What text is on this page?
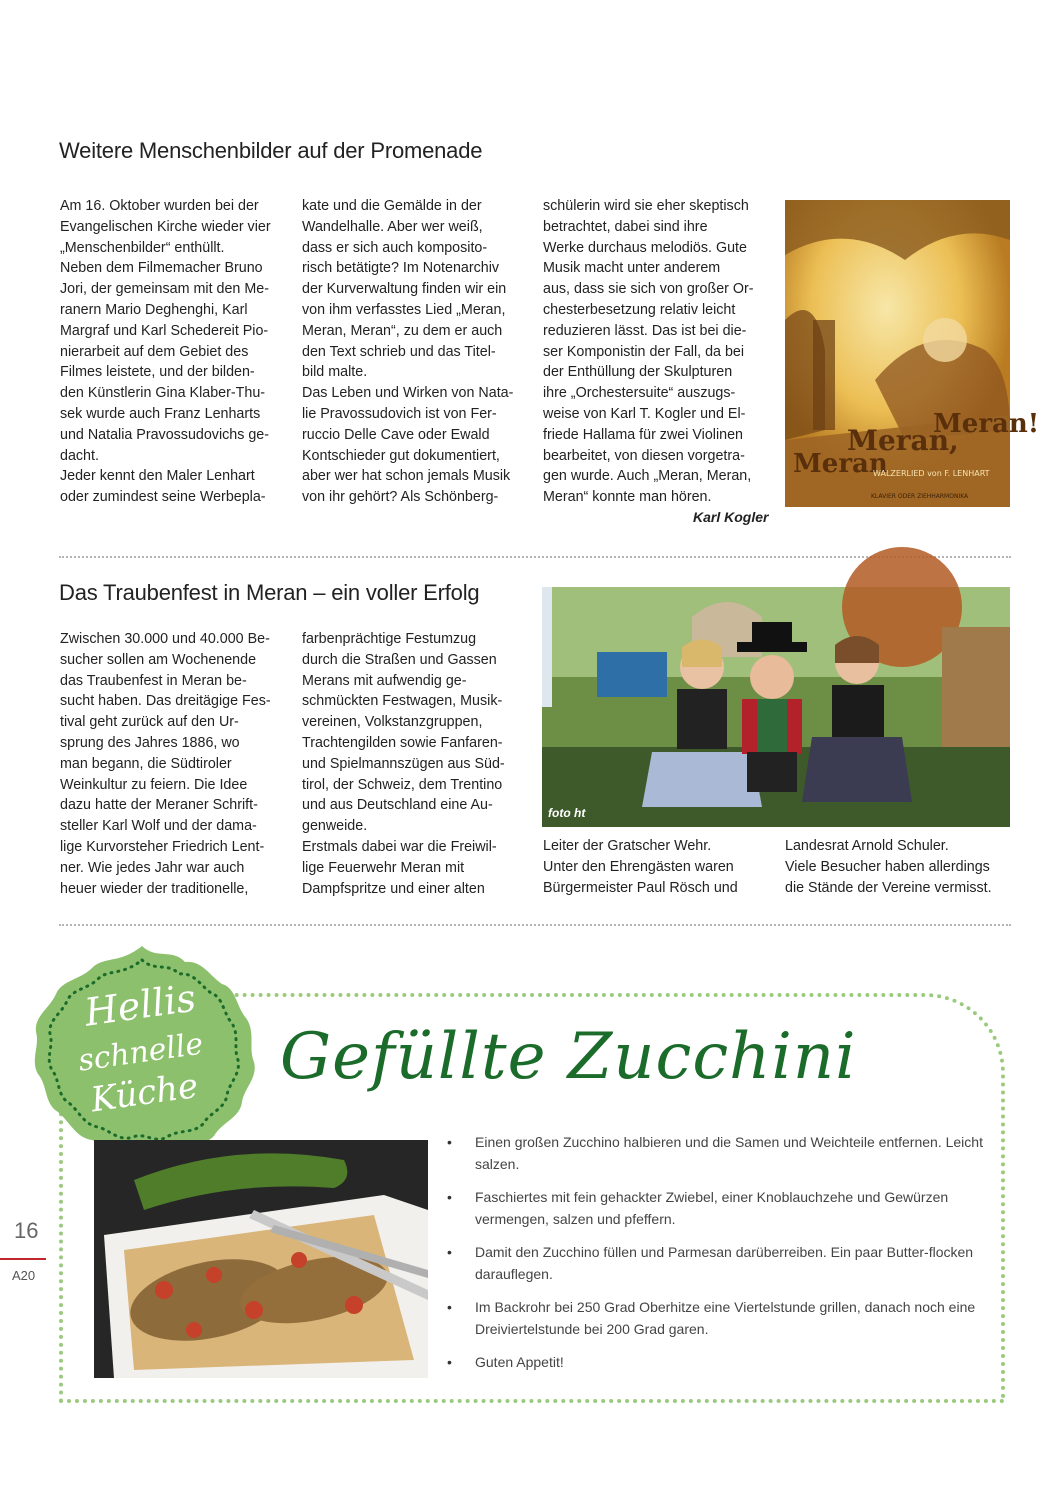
Weitere Menschenbilder auf der Promenade
Am 16. Oktober wurden bei der
Evangelischen Kirche wieder vier
„Menschenbilder“ enthüllt.
Neben dem Filmemacher Bruno
Jori, der gemeinsam mit den Me-
ranern Mario Deghenghi, Karl
Margraf und Karl Schedereit Pio-
nierarbeit auf dem Gebiet des
Filmes leistete, und der bilden-
den Künstlerin Gina Klaber-Thu-
sek wurde auch Franz Lenharts
und Natalia Pravossudovichs ge-
dacht.
Jeder kennt den Maler Lenhart
oder zumindest seine Werbepla-
kate und die Gemälde in der
Wandelhalle. Aber wer weiß,
dass er sich auch komposito-
risch betätigte? Im Notenarchiv
der Kurverwaltung finden wir ein
von ihm verfasstes Lied „Meran,
Meran, Meran“, zu dem er auch
den Text schrieb und das Titel-
bild malte.
Das Leben und Wirken von Nata-
lie Pravossudovich ist von Fer-
ruccio Delle Cave oder Ewald
Kontschieder gut dokumentiert,
aber wer hat schon jemals Musik
von ihr gehört? Als Schönberg-
schülerin wird sie eher skeptisch
betrachtet, dabei sind ihre
Werke durchaus melodiös. Gute
Musik macht unter anderem
aus, dass sie sich von großer Or-
chesterbesetzung relativ leicht
reduzieren lässt. Das ist bei die-
ser Komponistin der Fall, da bei
der Enthüllung der Skulpturen
ihre „Orchestersuite“ auszugs-
weise von Karl T. Kogler und El-
friede Hallama für zwei Violinen
bearbeitet, von diesen vorgetra-
gen wurde. Auch „Meran, Meran,
Meran“ konnte man hören.
Karl Kogler
Meran
Meran,
Meran!
WALZERLIED von F. LENHART
KLAVIER ODER ZIEHHARMONIKA
Das Traubenfest in Meran – ein voller Erfolg
Zwischen 30.000 und 40.000 Be-
sucher sollen am Wochenende
das Traubenfest in Meran be-
sucht haben. Das dreitägige Fes-
tival geht zurück auf den Ur-
sprung des Jahres 1886, wo
man begann, die Südtiroler
Weinkultur zu feiern. Die Idee
dazu hatte der Meraner Schrift-
steller Karl Wolf und der dama-
lige Kurvorsteher Friedrich Lent-
ner. Wie jedes Jahr war auch
heuer wieder der traditionelle,
farbenprächtige Festumzug
durch die Straßen und Gassen
Merans mit aufwendig ge-
schmückten Festwagen, Musik-
vereinen, Volkstanzgruppen,
Trachtengilden sowie Fanfaren-
und Spielmannszügen aus Süd-
tirol, der Schweiz, dem Trentino
und aus Deutschland eine Au-
genweide.
Erstmals dabei war die Freiwil-
lige Feuerwehr Meran mit
Dampfspritze und einer alten
foto ht
Leiter der Gratscher Wehr.
Unter den Ehrengästen waren
Bürgermeister Paul Rösch und
Landesrat Arnold Schuler.
Viele Besucher haben allerdings
die Stände der Vereine vermisst.
Hellis
schnelle
Küche Gefüllte Zucchini
• Einen großen Zucchino halbieren und die Samen und Weichteile entfernen. Leicht salzen.
• Faschiertes mit fein gehackter Zwiebel, einer Knoblauchzehe und Gewürzen vermengen, salzen und pfeffern.
• Damit den Zucchino füllen und Parmesan darüberreiben. Ein paar Butter-flocken darauflegen.
• Im Backrohr bei 250 Grad Oberhitze eine Viertelstunde grillen, danach noch eine Dreiviertelstunde bei 200 Grad garen.
• Guten Appetit!
16
A20
